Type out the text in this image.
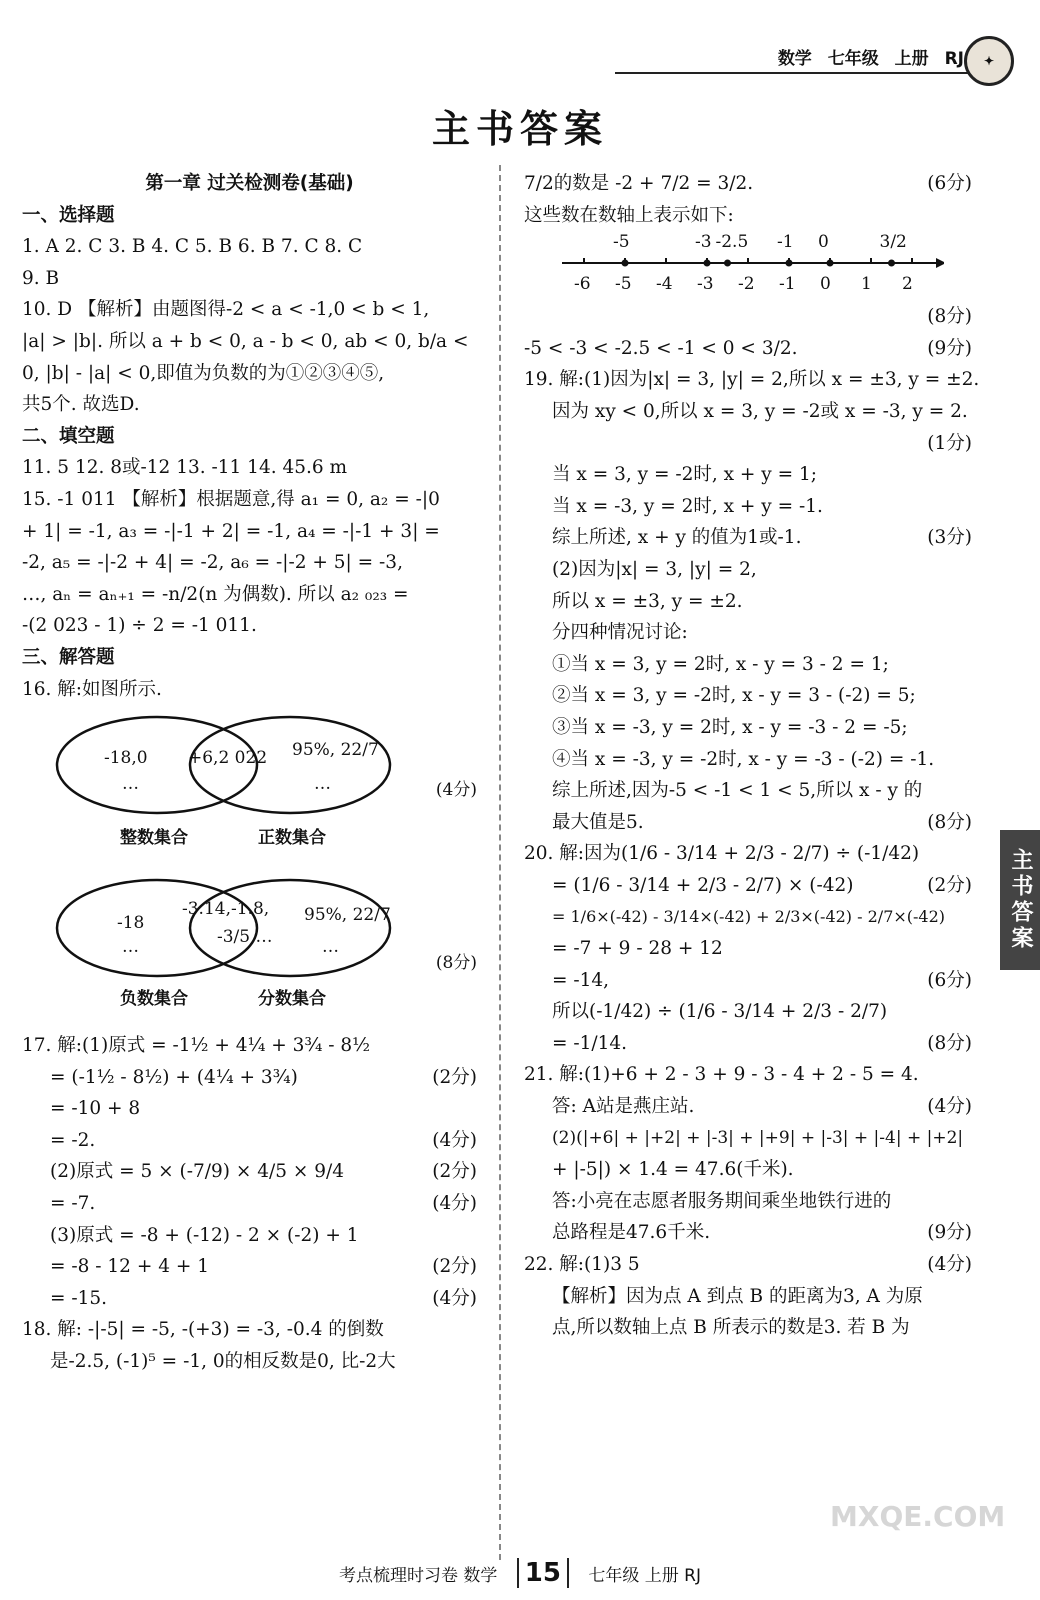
数学 七年级 上册 RJ	✦
主书答案
第一章 过关检测卷(基础)
一、选择题
1. A 2. C 3. B 4. C 5. B 6. B 7. C 8. C
9. B
10. D 【解析】由题图得-2 < a < -1,0 < b < 1,
|a| > |b|. 所以 a + b < 0, a - b < 0, ab < 0, b/a <
0, |b| - |a| < 0,即值为负数的为①②③④⑤,
共5个. 故选D.
二、填空题
11. 5 12. 8或-12 13. -11 14. 45.6 m
15. -1 011 【解析】根据题意,得 a₁ = 0, a₂ = -|0
+ 1| = -1, a₃ = -|-1 + 2| = -1, a₄ = -|-1 + 3| =
-2, a₅ = -|-2 + 4| = -2, a₆ = -|-2 + 5| = -3,
…, aₙ = aₙ₊₁ = -n/2(n 为偶数). 所以 a₂ ₀₂₃ =
-(2 023 - 1) ÷ 2 = -1 011.
三、解答题
16. 解:如图所示.
-18,0
…
+6,2 022 95%, 22/7
…	(4分)
整数集合	正数集合
-18
…
-3.14,-1.8,
-3/5 …
95%, 22/7
…
(8分)
负数集合	分数集合
17. 解:(1)原式 = -1½ + 4¼ + 3¾ - 8½
= (-1½ - 8½) + (4¼ + 3¾)	(2分)
= -10 + 8
= -2.	(4分)
(2)原式 = 5 × (-7/9) × 4/5 × 9/4	(2分)
= -7.	(4分)
(3)原式 = -8 + (-12) - 2 × (-2) + 1
= -8 - 12 + 4 + 1	(2分)
= -15.	(4分)
18. 解: -|-5| = -5, -(+3) = -3, -0.4 的倒数
是-2.5, (-1)⁵ = -1, 0的相反数是0, 比-2大
7/2的数是 -2 + 7/2 = 3/2.	(6分)
这些数在数轴上表示如下:
-6 -5 -4 -3 -2 -1 0 1 2
-5	-3 -2.5 -1 0	3/2
(8分)
-5 < -3 < -2.5 < -1 < 0 < 3/2.	(9分)
19. 解:(1)因为|x| = 3, |y| = 2,所以 x = ±3, y = ±2.
因为 xy < 0,所以 x = 3, y = -2或 x = -3, y = 2.
(1分)
当 x = 3, y = -2时, x + y = 1;
当 x = -3, y = 2时, x + y = -1.
综上所述, x + y 的值为1或-1.	(3分)
(2)因为|x| = 3, |y| = 2,
所以 x = ±3, y = ±2.
分四种情况讨论:
①当 x = 3, y = 2时, x - y = 3 - 2 = 1;
②当 x = 3, y = -2时, x - y = 3 - (-2) = 5;
③当 x = -3, y = 2时, x - y = -3 - 2 = -5;
④当 x = -3, y = -2时, x - y = -3 - (-2) = -1.
综上所述,因为-5 < -1 < 1 < 5,所以 x - y 的
最大值是5.	(8分)
20. 解:因为(1/6 - 3/14 + 2/3 - 2/7) ÷ (-1/42)
= (1/6 - 3/14 + 2/3 - 2/7) × (-42)	(2分)
= 1/6×(-42) - 3/14×(-42) + 2/3×(-42) - 2/7×(-42)
= -7 + 9 - 28 + 12
= -14,	(6分)
所以(-1/42) ÷ (1/6 - 3/14 + 2/3 - 2/7)
= -1/14.	(8分)
21. 解:(1)+6 + 2 - 3 + 9 - 3 - 4 + 2 - 5 = 4.
答: A站是燕庄站.	(4分)
(2)(|+6| + |+2| + |-3| + |+9| + |-3| + |-4| + |+2|
+ |-5|) × 1.4 = 47.6(千米).
答:小亮在志愿者服务期间乘坐地铁行进的
总路程是47.6千米.	(9分)
22. 解:(1)3 5	(4分)
【解析】因为点 A 到点 B 的距离为3, A 为原
点,所以数轴上点 B 所表示的数是3. 若 B 为
主书答案
考点梳理时习卷 数学 15 七年级 上册 RJ
MXQE.COM
